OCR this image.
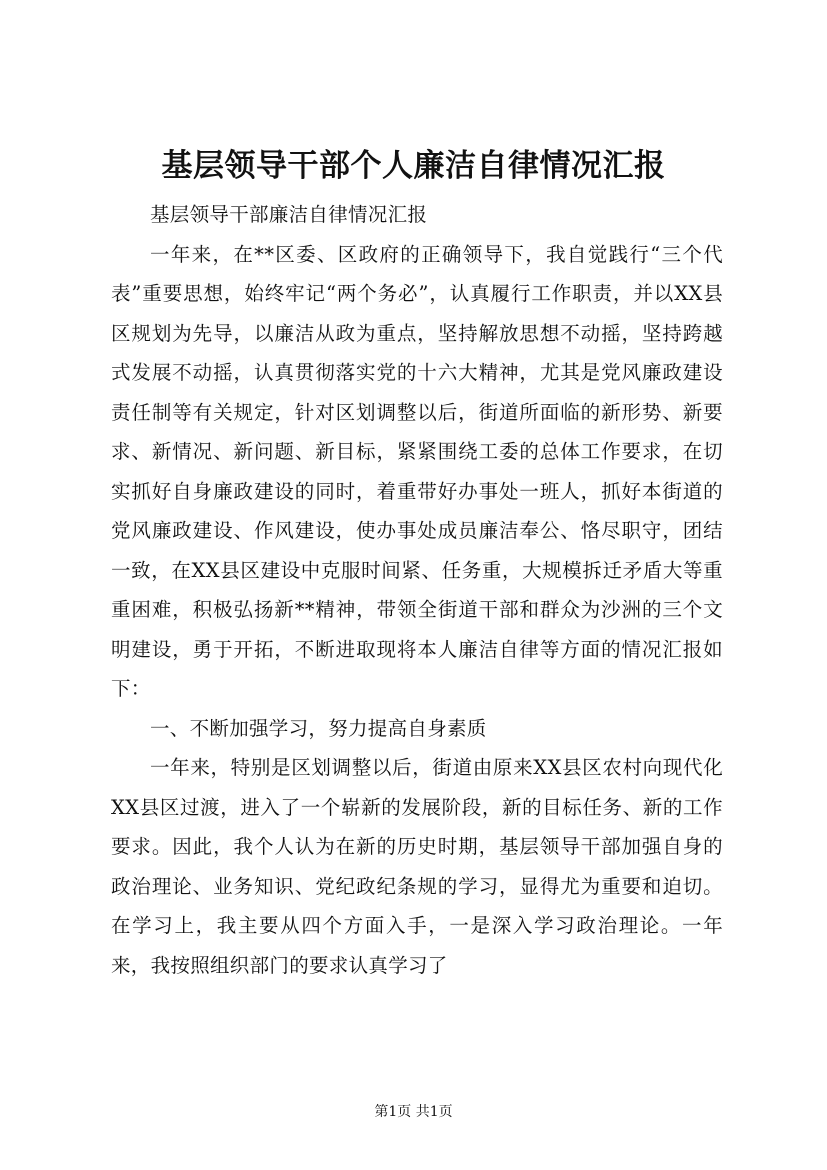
基层领导干部个人廉洁自律情况汇报

基层领导干部廉洁自律情况汇报

一年来，在**区委、区政府的正确领导下，我自觉践行“三个代表”重要思想，始终牢记“两个务必”，认真履行工作职责，并以XX县区规划为先导，以廉洁从政为重点，坚持解放思想不动摇，坚持跨越式发展不动摇，认真贯彻落实党的十六大精神，尤其是党风廉政建设责任制等有关规定，针对区划调整以后，街道所面临的新形势、新要求、新情况、新问题、新目标，紧紧围绕工委的总体工作要求，在切实抓好自身廉政建设的同时，着重带好办事处一班人，抓好本街道的党风廉政建设、作风建设，使办事处成员廉洁奉公、恪尽职守，团结一致，在XX县区建设中克服时间紧、任务重，大规模拆迁矛盾大等重重困难，积极弘扬新**精神，带领全街道干部和群众为沙洲的三个文明建设，勇于开拓，不断进取现将本人廉洁自律等方面的情况汇报如下：

一、不断加强学习，努力提高自身素质

一年来，特别是区划调整以后，街道由原来XX县区农村向现代化XX县区过渡，进入了一个崭新的发展阶段，新的目标任务、新的工作要求。因此，我个人认为在新的历史时期，基层领导干部加强自身的政治理论、业务知识、党纪政纪条规的学习，显得尤为重要和迫切。在学习上，我主要从四个方面入手，一是深入学习政治理论。一年来，我按照组织部门的要求认真学习了

第1页 共1页
